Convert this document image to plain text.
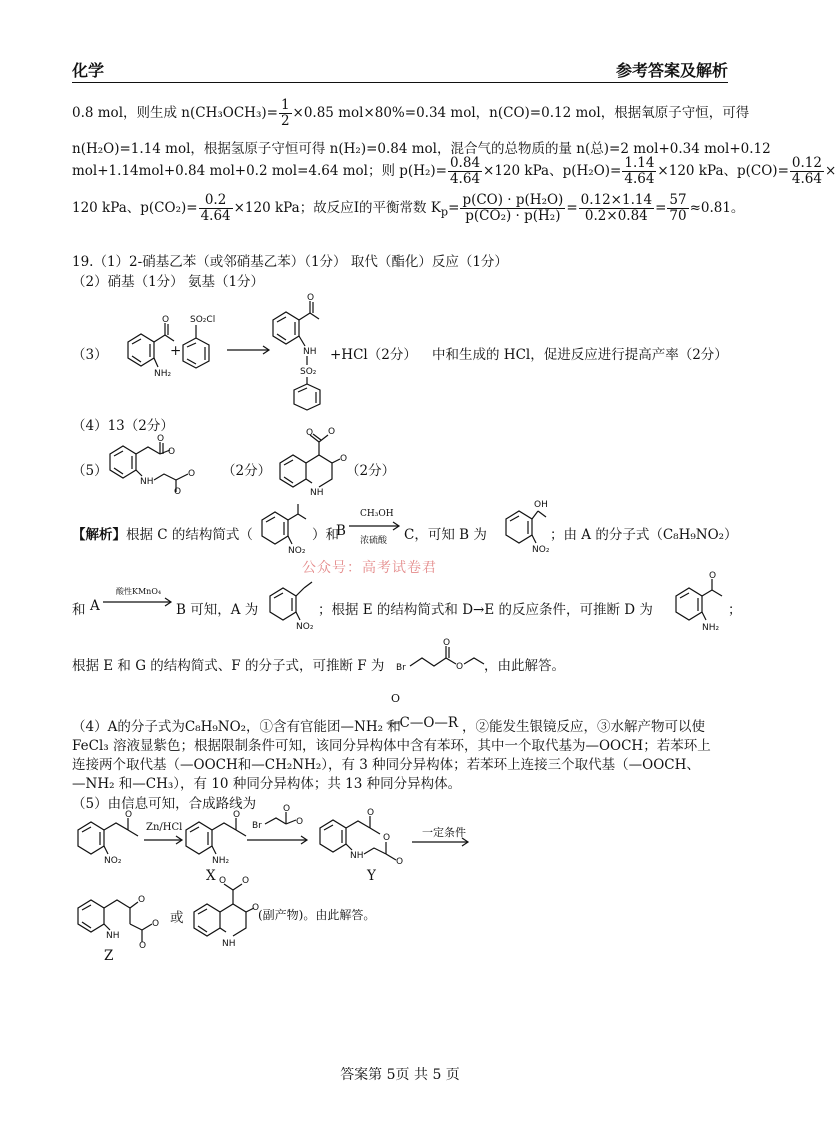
化学	参考答案及解析
0.8 mol，则生成 $n(CH_3OCH_3)= \frac{1}{2} \times 0.85$ mol×80%=0.34 mol，n(CO)=0.12 mol，根据氧原子守恒，可得
n(H₂O)=1.14 mol，根据氢原子守恒可得 n(H₂)=0.84 mol，混合气的总物质的量 n(总)=2 mol+0.34 mol+0.12
mol+1.14mol+0.84 mol+0.2 mol=4.64 mol；则 $p(H_2)= \frac{0.84}{4.64} \times 120$ kPa、$p(H_2O)= \frac{1.14}{4.64} \times 120$ kPa、$p(CO)= \frac{0.12}{4.64}$ ×
120 kPa、$p(CO_2)= \frac{0.2}{4.64} \times 120$ kPa；故反应Ⅰ的平衡常数 $K_p= \frac{\text{p(CO) · p(H₂O)}}{\text{p(CO₂) · p(H₂)}} = \frac{0.12\times 1.14}{0.2\times 0.84} = \frac{57}{70} \approx 0.81$。
19.（1）2-硝基乙苯（或邻硝基乙苯）（1分） 取代（酯化）反应（1分）
（2）硝基（1分） 氨基（1分）
（3）
O
NH₂
+
SO₂Cl
O
NH
SO₂
+HCl（2分） 中和生成的 HCl，促进反应进行提高产率（2分）
（4）13（2分）
（5）
O
O
NH
O
O （2分）
NH
O O
O
（2分）
【解析】根据 C 的结构简式（
NO₂
）和
B
CH₃OH
浓硫酸 C，可知 B 为
OH
NO₂
；由 A 的分子式（C₈H₉NO₂）
公众号：高考试卷君
和 A
酸性KMnO₄
B 可知，A 为
NO₂
；根据 E 的结构简式和 D→E 的反应条件，可推断 D 为
O
NH₂
；
根据 E 和 G 的结构简式、F 的分子式，可推断 F 为 Br
O
O ，由此解答。
（4）A的分子式为C₈H₉NO₂，①含有官能团—NH₂ 和
O
—C—O—R ，②能发生银镜反应，③水解产物可以使
FeCl₃ 溶液显紫色；根据限制条件可知，该同分异构体中含有苯环，其中一个取代基为—OOCH；若苯环上
连接两个取代基（—OOCH和—CH₂NH₂），有 3 种同分异构体；若苯环上连接三个取代基（—OOCH、
—NH₂ 和—CH₃），有 10 种同分异构体；共 13 种同分异构体。
（5）由信息可知，合成路线为
O
NO₂
Zn/HCl
O
NH₂
X
Br
O
O
O
NH
O
O
Y
一定条件
O
NH
O
O
Z
或
NH
O O
O
(副产物)。由此解答。
答案第 5页 共 5 页
